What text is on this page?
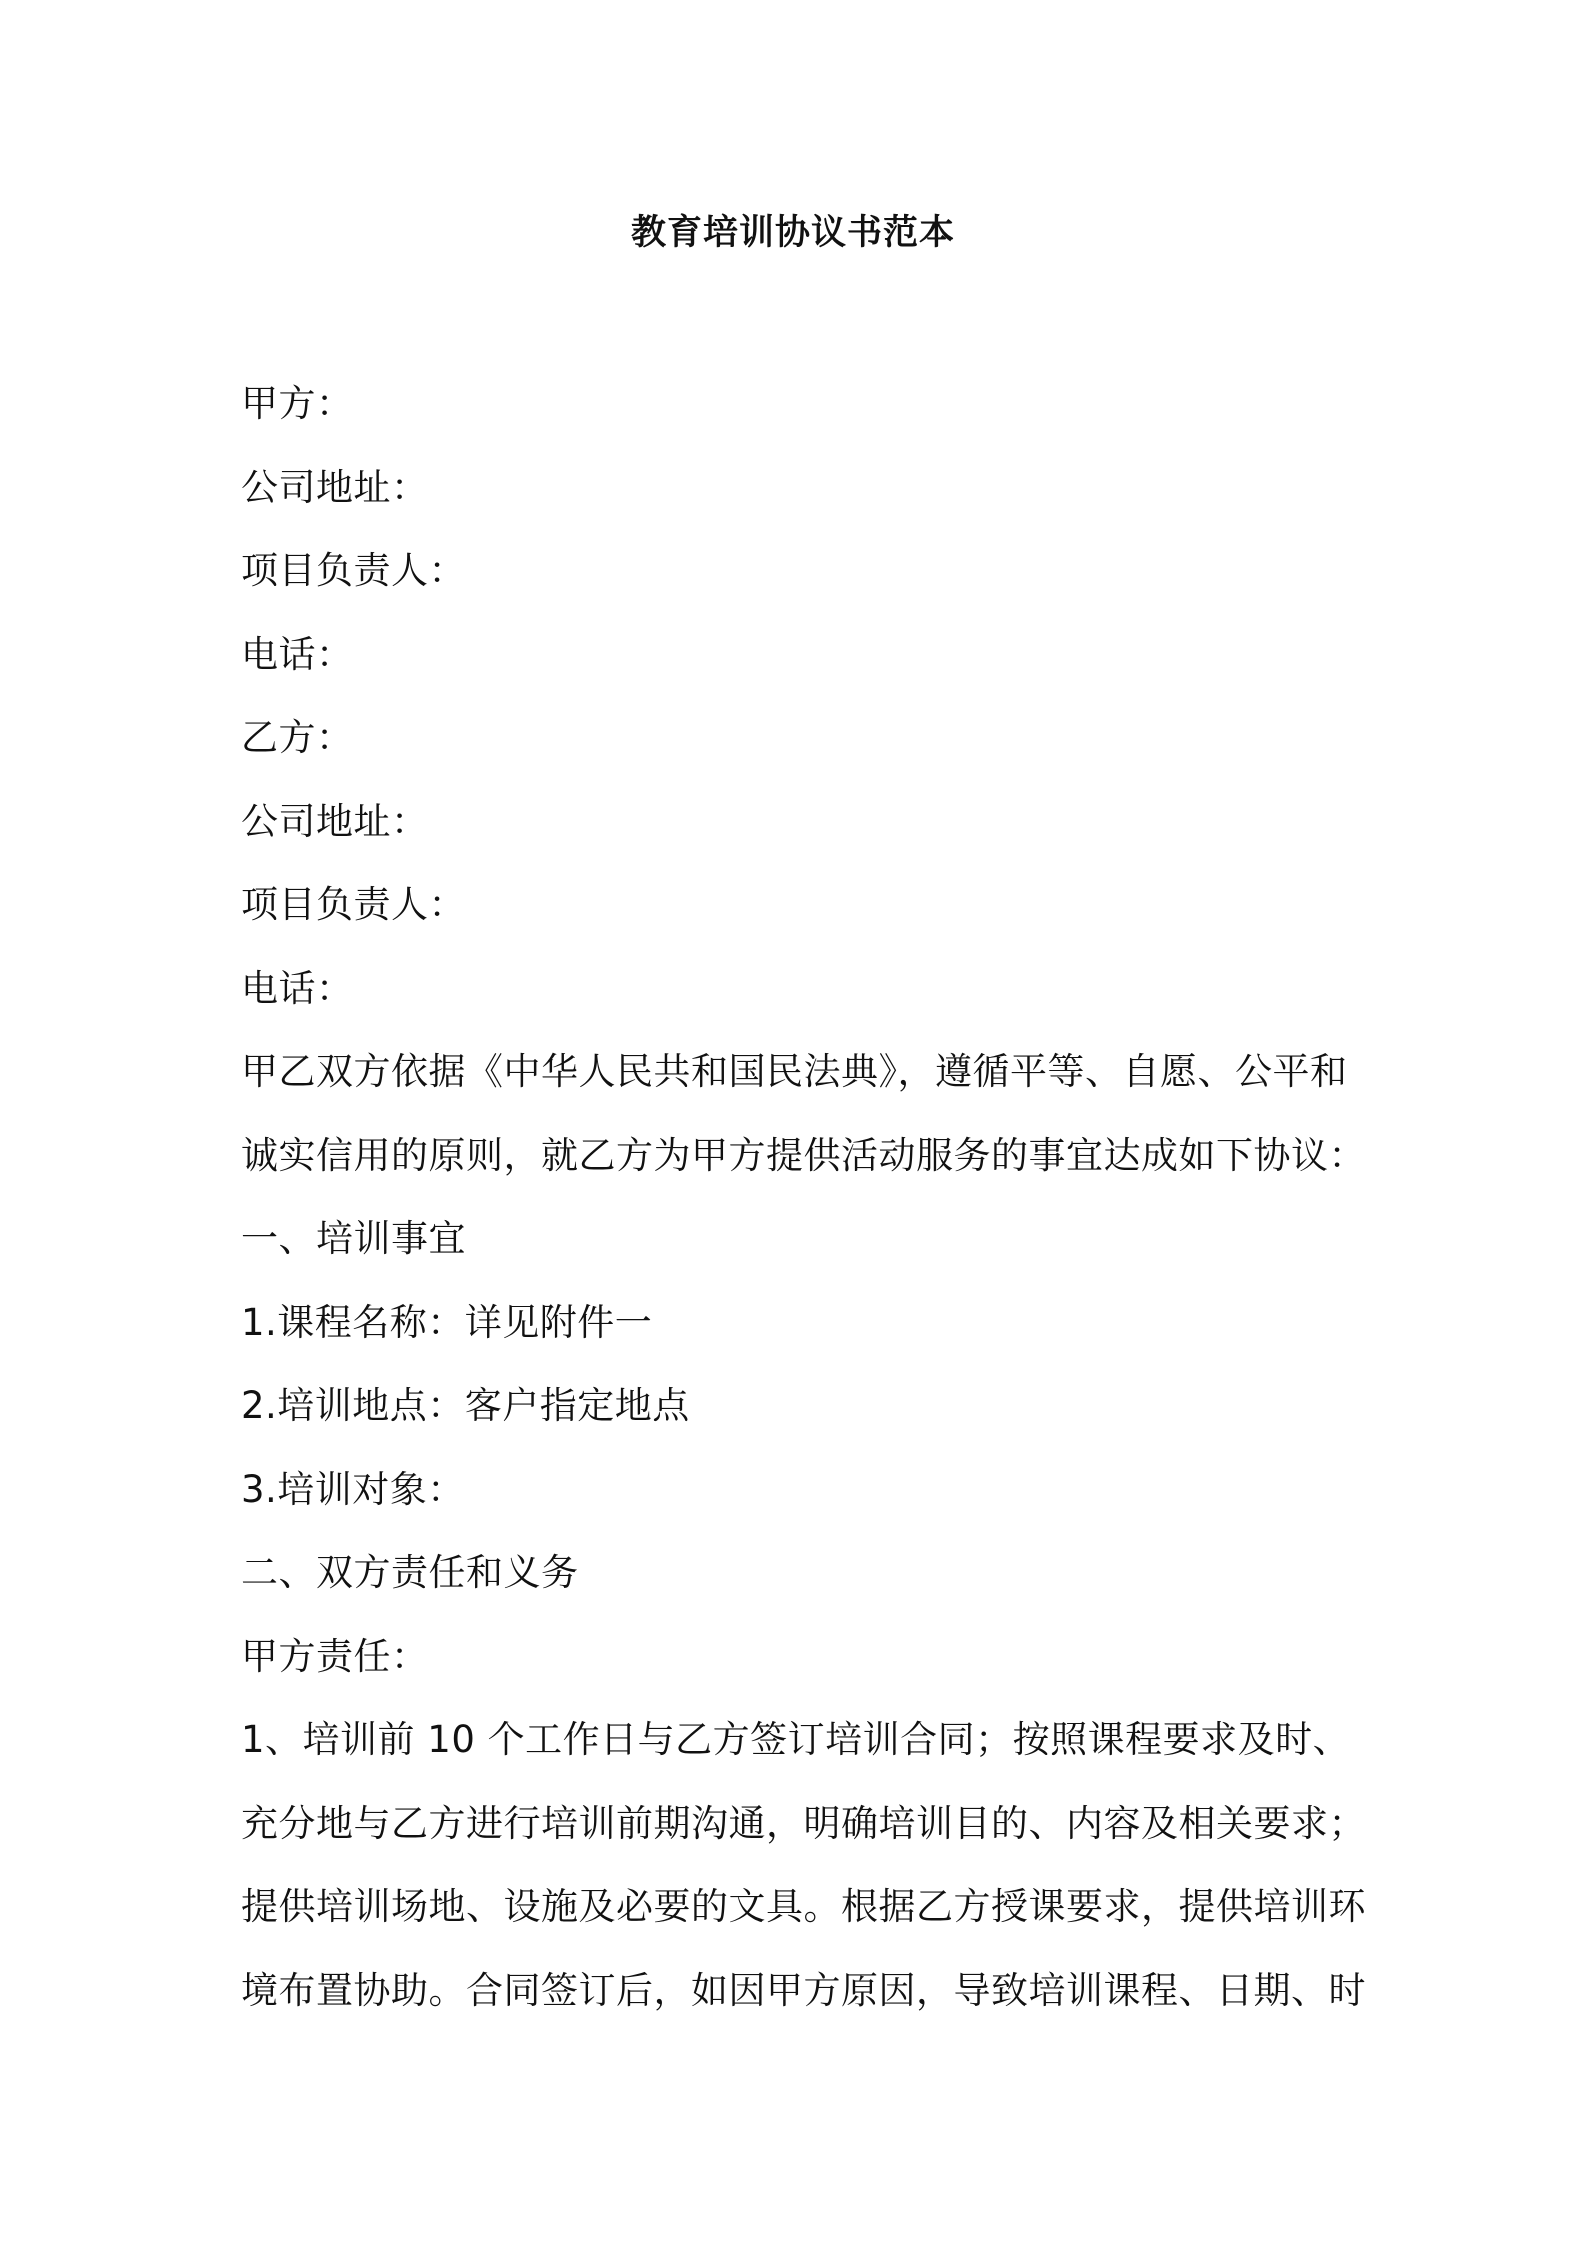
教育培训协议书范本
甲方：
公司地址：
项目负责人：
电话：
乙方：
公司地址：
项目负责人：
电话：
甲乙双方依据《中华人民共和国民法典》，遵循平等、自愿、公平和
诚实信用的原则，就乙方为甲方提供活动服务的事宜达成如下协议：
一、培训事宜
1.课程名称：详见附件一
2.培训地点：客户指定地点
3.培训对象：
二、双方责任和义务
甲方责任：
1、培训前 10 个工作日与乙方签订培训合同；按照课程要求及时、
充分地与乙方进行培训前期沟通，明确培训目的、内容及相关要求；
提供培训场地、设施及必要的文具。根据乙方授课要求，提供培训环
境布置协助。合同签订后，如因甲方原因，导致培训课程、日期、时
